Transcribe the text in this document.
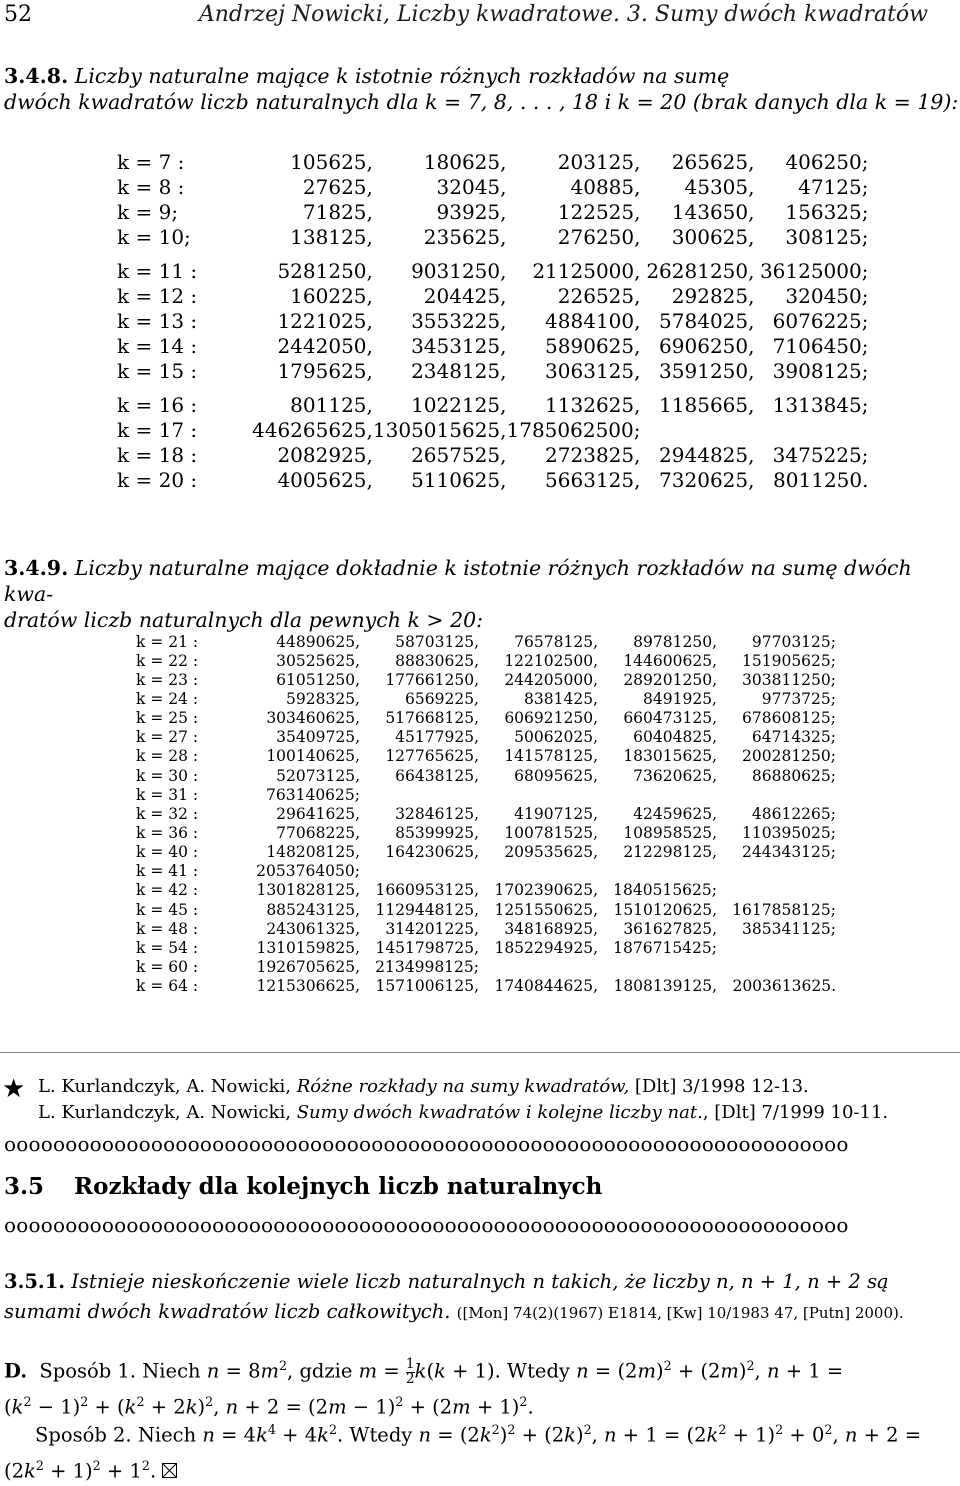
52	Andrzej Nowicki, Liczby kwadratowe. 3. Sumy dwóch kwadratów
3.4.8. Liczby naturalne mające k istotnie różnych rozkładów na sumę
dwóch kwadratów liczb naturalnych dla k = 7, 8, . . . , 18 i k = 20 (brak danych dla k = 19):
k = 7 :	105625,	180625,	203125,	265625,	406250;
k = 8 :	27625,	32045,	40885,	45305,	47125;
k = 9;	71825,	93925,	122525,	143650,	156325;
k = 10;	138125,	235625,	276250,	300625,	308125;

k = 11 :	5281250,	9031250,	21125000,	26281250,	36125000;
k = 12 :	160225,	204425,	226525,	292825,	320450;
k = 13 :	1221025,	3553225,	4884100,	5784025,	6076225;
k = 14 :	2442050,	3453125,	5890625,	6906250,	7106450;
k = 15 :	1795625,	2348125,	3063125,	3591250,	3908125;

k = 16 :	801125,	1022125,	1132625,	1185665,	1313845;
k = 17 :	446265625,	1305015625,	1785062500;		
k = 18 :	2082925,	2657525,	2723825,	2944825,	3475225;
k = 20 :	4005625,	5110625,	5663125,	7320625,	8011250.
3.4.9. Liczby naturalne mające dokładnie k istotnie różnych rozkładów na sumę dwóch kwa-
dratów liczb naturalnych dla pewnych k > 20:
k = 21 :	44890625,	58703125,	76578125,	89781250,	97703125;
k = 22 :	30525625,	88830625,	122102500,	144600625,	151905625;
k = 23 :	61051250,	177661250,	244205000,	289201250,	303811250;
k = 24 :	5928325,	6569225,	8381425,	8491925,	9773725;
k = 25 :	303460625,	517668125,	606921250,	660473125,	678608125;
k = 27 :	35409725,	45177925,	50062025,	60404825,	64714325;
k = 28 :	100140625,	127765625,	141578125,	183015625,	200281250;
k = 30 :	52073125,	66438125,	68095625,	73620625,	86880625;
k = 31 :	763140625;				
k = 32 :	29641625,	32846125,	41907125,	42459625,	48612265;
k = 36 :	77068225,	85399925,	100781525,	108958525,	110395025;
k = 40 :	148208125,	164230625,	209535625,	212298125,	244343125;
k = 41 :	2053764050;				
k = 42 :	1301828125,	1660953125,	1702390625,	1840515625;	
k = 45 :	885243125,	1129448125,	1251550625,	1510120625,	1617858125;
k = 48 :	243061325,	314201225,	348168925,	361627825,	385341125;
k = 54 :	1310159825,	1451798725,	1852294925,	1876715425;	
k = 60 :	1926705625,	2134998125;			
k = 64 :	1215306625,	1571006125,	1740844625,	1808139125,	2003613625.
★ L. Kurlandczyk, A. Nowicki, Różne rozkłady na sumy kwadratów, [Dlt] 3/1998 12-13.
L. Kurlandczyk, A. Nowicki, Sumy dwóch kwadratów i kolejne liczby nat., [Dlt] 7/1999 10-11.
ooooooooooooooooooooooooooooooooooooooooooooooooooooooooooooooooooooo
3.5 Rozkłady dla kolejnych liczb naturalnych
ooooooooooooooooooooooooooooooooooooooooooooooooooooooooooooooooooooo
3.5.1. Istnieje nieskończenie wiele liczb naturalnych n takich, że liczby n, n + 1, n + 2 są
sumami dwóch kwadratów liczb całkowitych. ([Mon] 74(2)(1967) E1814, [Kw] 10/1983 47, [Putn] 2000).
D. Sposób 1. Niech $n = 8m^2$, gdzie $m = \frac{1}{2} k(k + 1)$. Wtedy $n = (2m)^2 + (2m)^2$, n + 1 =
$(k^2 - 1)^2 + (k^2 + 2k)^2$, $n + 2 = (2m - 1)^2 + (2m + 1)^2$.
Sposób 2. Niech $n = 4k^4 + 4k^2$. Wtedy $n = (2k^2)^2 + (2k)^2$, $n + 1 = (2k^2 + 1)^2 + 0^2$, n + 2 =
$(2k^2 + 1)^2 + 1^2$.
